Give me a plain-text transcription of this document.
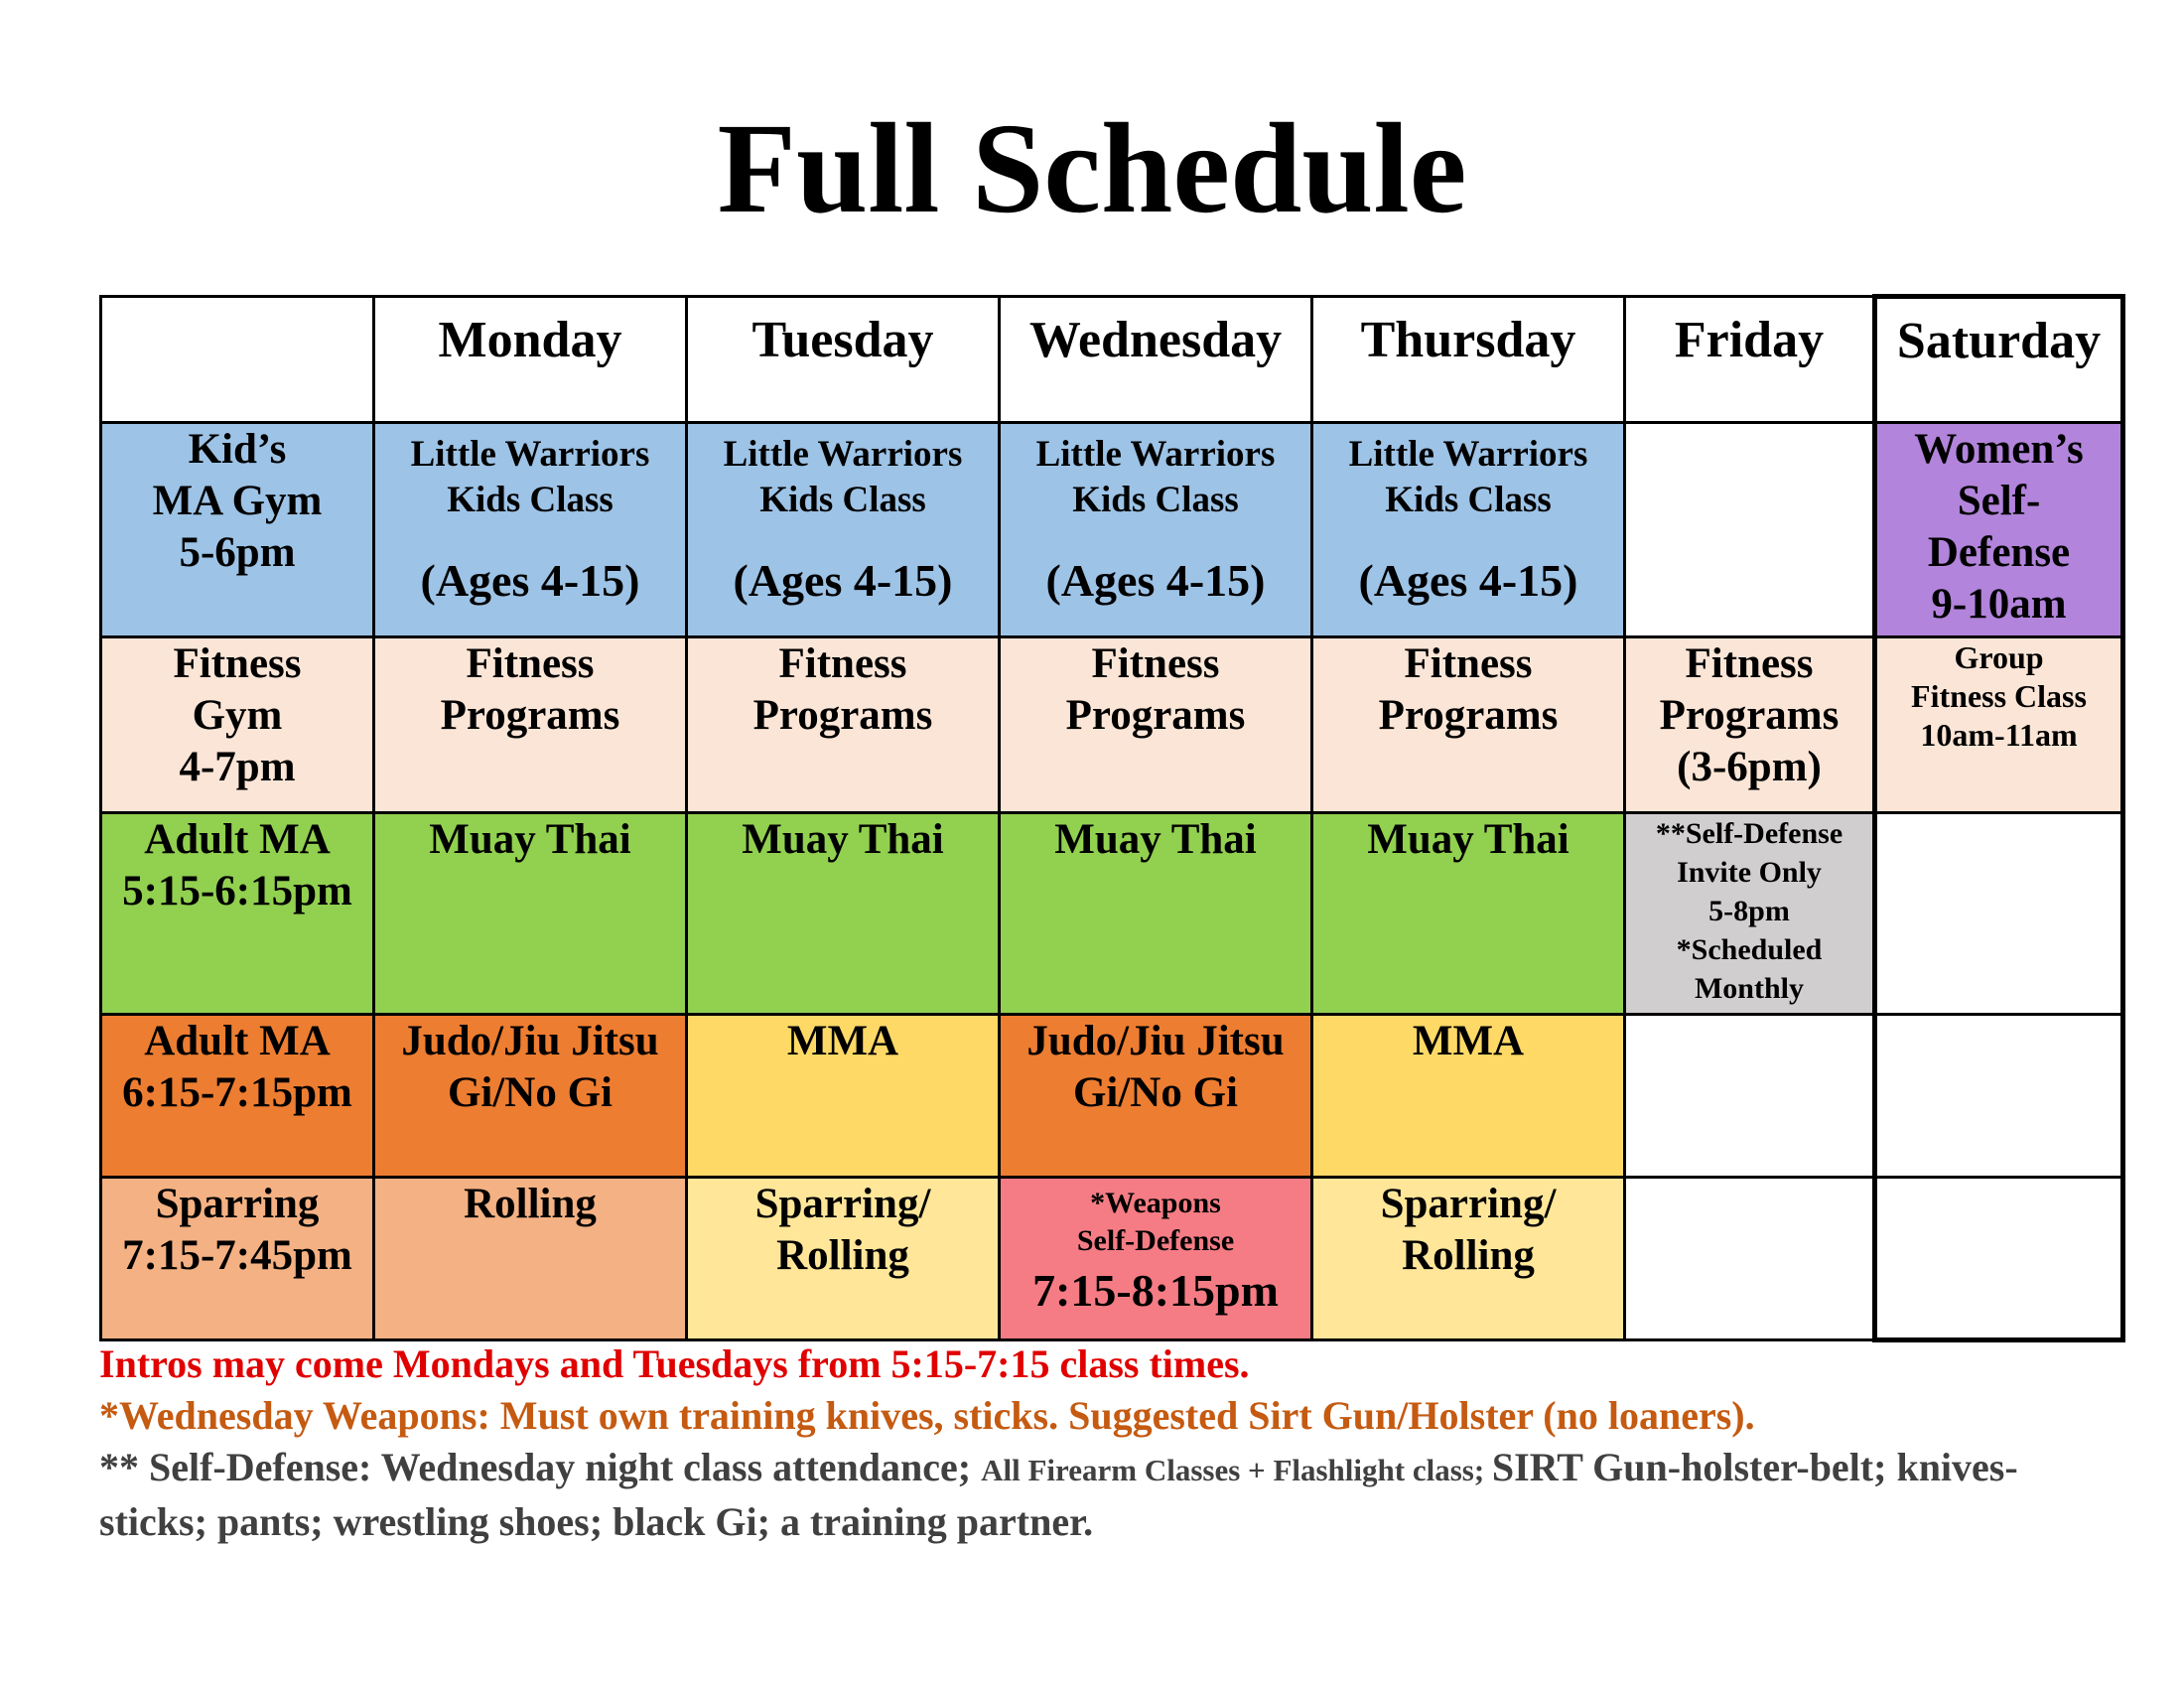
Full Schedule
	Monday	Tuesday	Wednesday	Thursday	Friday	Saturday

Kid’s
MA Gym
5-6pm	Little Warriors
Kids Class
(Ages 4-15)	Little Warriors
Kids Class
(Ages 4-15)	Little Warriors
Kids Class
(Ages 4-15)	Little Warriors
Kids Class
(Ages 4-15)		Women’s
Self-
Defense
9-10am

Fitness
Gym
4-7pm	Fitness
Programs	Fitness
Programs	Fitness
Programs	Fitness
Programs	Fitness
Programs
(3-6pm)	Group
Fitness Class
10am-11am

Adult MA
5:15-6:15pm	Muay Thai	Muay Thai	Muay Thai	Muay Thai	**Self-Defense
Invite Only
5-8pm
*Scheduled
Monthly	

Adult MA
6:15-7:15pm	Judo/Jiu Jitsu
Gi/No Gi	MMA	Judo/Jiu Jitsu
Gi/No Gi	MMA		

Sparring
7:15-7:45pm	Rolling	Sparring/
Rolling	*Weapons
Self-Defense
7:15-8:15pm	Sparring/
Rolling		

Intros may come Mondays and Tuesdays from 5:15-7:15 class times.

*Wednesday Weapons: Must own training knives, sticks. Suggested Sirt Gun/Holster (no loaners).

** Self-Defense: Wednesday night class attendance; All Firearm Classes + Flashlight class; SIRT Gun-holster-belt; knives-sticks; pants; wrestling shoes; black Gi; a training partner.
